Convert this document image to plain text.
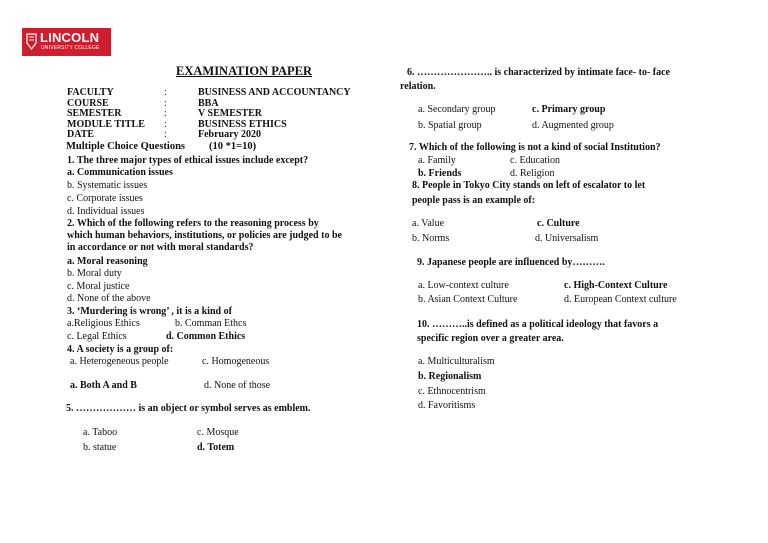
LINCOLN
UNIVERSITY COLLEGE
EXAMINATION PAPER
FACULTY	:	BUSINESS AND ACCOUNTANCY
COURSE	:	BBA
SEMESTER	:	V SEMESTER
MODULE TITLE :	BUSINESS ETHICS
DATE	:	February 2020
Multiple Choice Questions (10 *1=10)
1. The three major types of ethical issues include except?
a. Communication issues
b. Systematic issues
c. Corporate issues
d. Individual issues
2. Which of the following refers to the reasoning process by
which human behaviors, institutions, or policies are judged to be
in accordance or not with moral standards?
a. Moral reasoning
b. Moral duty
c. Moral justice
d. None of the above
3. ‘Murdering is wrong’ , it is a kind of
a.Religious Ethics	b. Comman Ethcs
c. Legal Ethics	d. Common Ethics
4. A society is a group of:
a. Heterogeneous people	c. Homogeneous
a. Both A and B	d. None of those
5. ……………… is an object or symbol serves as emblem.
a. Taboo	c. Mosque
b. statue	d. Totem
6. ………………….. is characterized by intimate face- to- face
relation.
a. Secondary group	c. Primary group
b. Spatial group	d. Augmented group
7. Which of the following is not a kind of social Institution?
a. Family	c. Education
b. Friends	d. Religion
8. People in Tokyo City stands on left of escalator to let
people pass is an example of:
a. Value	c. Culture
b. Norms	d. Universalism
9. Japanese people are influenced by……….
a. Low-context culture	c. High-Context Culture
b. Asian Context Culture	d. European Context culture
10. ………..is defined as a political ideology that favors a
specific region over a greater area.
a. Multiculturalism
b. Regionalism
c. Ethnocentrism
d. Favoritisms
